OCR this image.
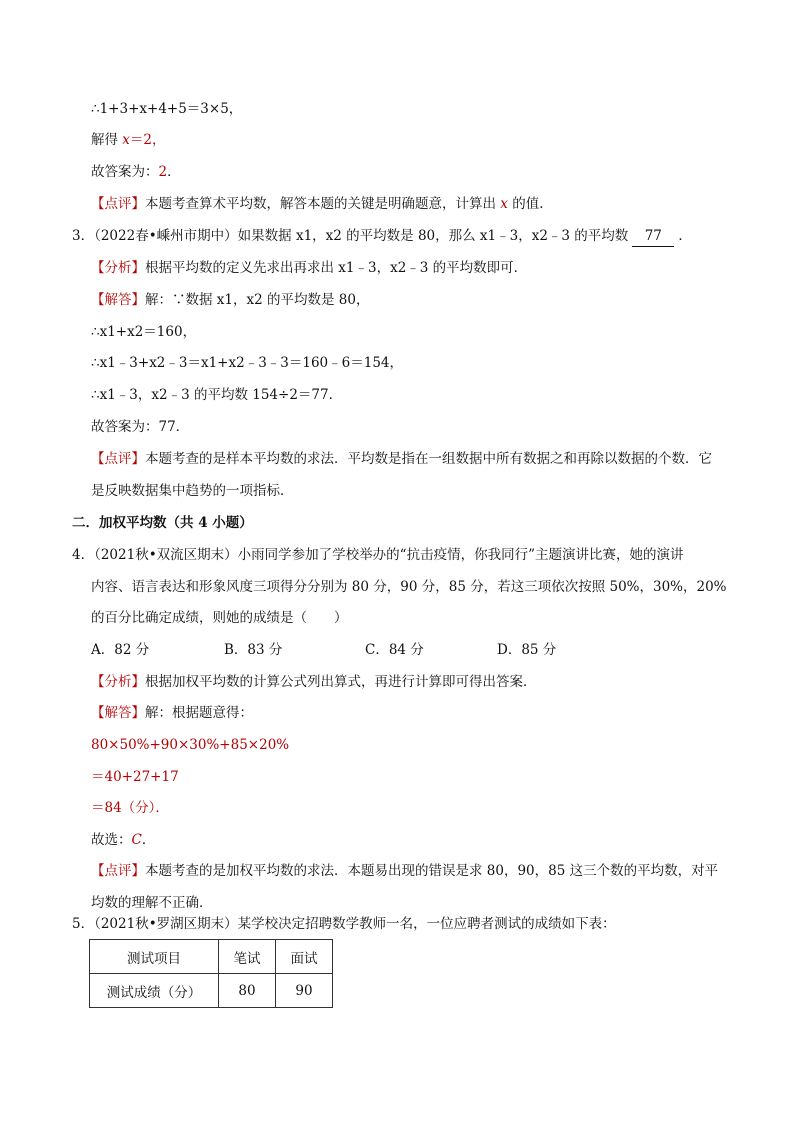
∴1+3+x+4+5＝3×5，
解得 x＝2，
故答案为：2．
【点评】本题考查算术平均数，解答本题的关键是明确题意，计算出 x 的值．
3．（2022春•嵊州市期中）如果数据 x1，x2 的平均数是 80，那么 x1﹣3，x2﹣3 的平均数 77 ．
【分析】根据平均数的定义先求出再求出 x1﹣3，x2﹣3 的平均数即可．
【解答】解：∵数据 x1，x2 的平均数是 80，
∴x1+x2＝160，
∴x1﹣3+x2﹣3＝x1+x2﹣3﹣3＝160﹣6＝154，
∴x1﹣3，x2﹣3 的平均数 154÷2＝77．
故答案为：77．
【点评】本题考查的是样本平均数的求法．平均数是指在一组数据中所有数据之和再除以数据的个数．它
是反映数据集中趋势的一项指标．
二．加权平均数（共 4 小题）
4．（2021秋•双流区期末）小雨同学参加了学校举办的“抗击疫情，你我同行”主题演讲比赛，她的演讲
内容、语言表达和形象风度三项得分分别为 80 分，90 分，85 分，若这三项依次按照 50%，30%，20%
的百分比确定成绩，则她的成绩是（　　）
A．82 分	B．83 分	C．84 分	D．85 分
【分析】根据加权平均数的计算公式列出算式，再进行计算即可得出答案．
【解答】解：根据题意得：
80×50%+90×30%+85×20%
＝40+27+17
＝84（分）．
故选：C．
【点评】本题考查的是加权平均数的求法．本题易出现的错误是求 80，90，85 这三个数的平均数，对平
均数的理解不正确．
5．（2021秋•罗湖区期末）某学校决定招聘数学教师一名，一位应聘者测试的成绩如下表：
测试项目	笔试	面试
测试成绩（分）	80	90
